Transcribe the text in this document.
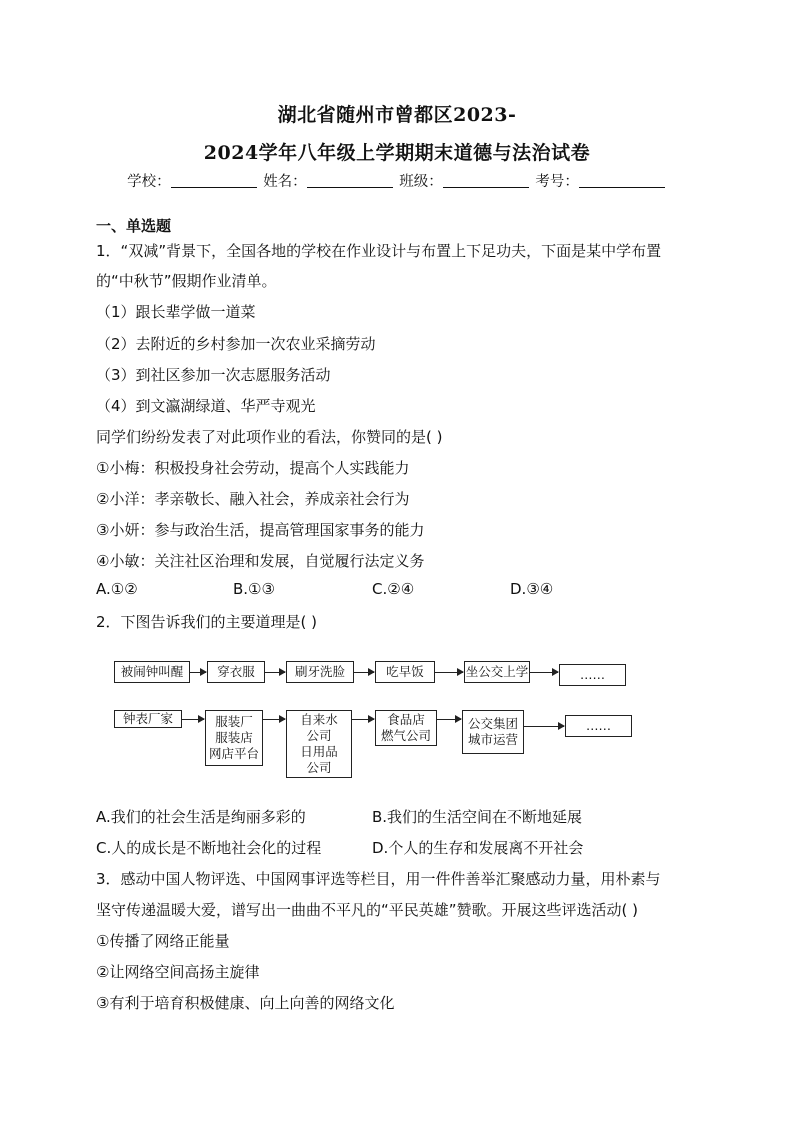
湖北省随州市曾都区2023-
2024学年八年级上学期期末道德与法治试卷
学校：	姓名：	班级：	考号：
一、单选题
1．“双减”背景下，全国各地的学校在作业设计与布置上下足功夫，下面是某中学布置
的“中秋节”假期作业清单。
（1）跟长辈学做一道菜
（2）去附近的乡村参加一次农业采摘劳动
（3）到社区参加一次志愿服务活动
（4）到文瀛湖绿道、华严寺观光
同学们纷纷发表了对此项作业的看法，你赞同的是( )
①小梅：积极投身社会劳动，提高个人实践能力
②小洋：孝亲敬长、融入社会，养成亲社会行为
③小妍：参与政治生活，提高管理国家事务的能力
④小敏：关注社区治理和发展，自觉履行法定义务
A.①②	B.①③	C.②④	D.③④
2．下图告诉我们的主要道理是( )
被闹钟叫醒	穿衣服	刷牙洗脸	吃早饭	坐公交上学	……
钟表厂家	服装厂
服装店
网店平台
自来水
公司
日用品
公司
食品店
燃气公司
公交集团
城市运营
……
A.我们的社会生活是绚丽多彩的	B.我们的生活空间在不断地延展
C.人的成长是不断地社会化的过程	D.个人的生存和发展离不开社会
3．感动中国人物评选、中国网事评选等栏目，用一件件善举汇聚感动力量，用朴素与
坚守传递温暖大爱，谱写出一曲曲不平凡的“平民英雄”赞歌。开展这些评选活动( )
①传播了网络正能量
②让网络空间高扬主旋律
③有利于培育积极健康、向上向善的网络文化
